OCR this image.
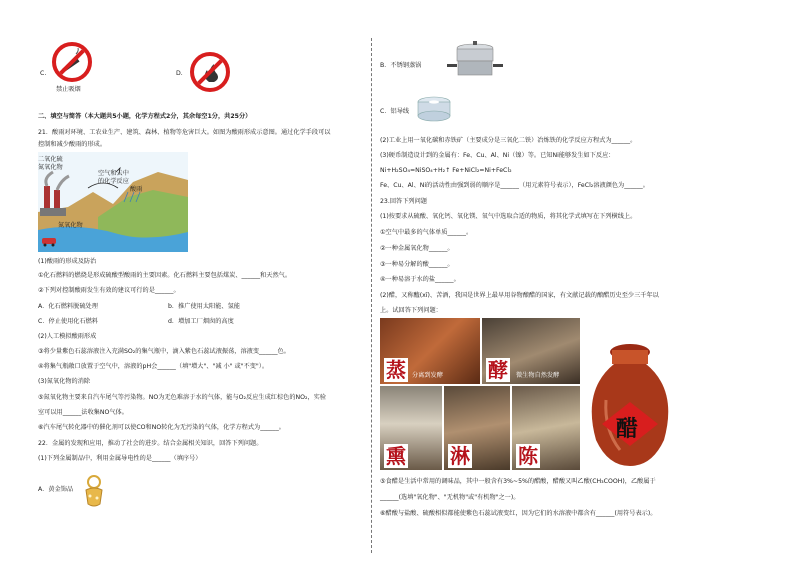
C.
禁止吸烟
D.
二、填空与简答（本大题共5小题，化学方程式2分，其余每空1分，共25分）
21．酸雨对环境、工农业生产、建筑、森林、植物等危害巨大。如图为酸雨形成示意图。通过化学手段可以
控制和减少酸雨的形成。
二氧化硫
氮氧化物
空气和云中
的化学反应
酸雨
氮氧化物
(1)酸雨的形成及防治
①化石燃料的燃烧是形成硫酸型酸雨的主要因素。化石燃料主要包括煤炭、______和天然气。
②下列对控制酸雨发生有效的建议可行的是______。
A．化石燃料脱硫处理	b．推广使用太阳能、氢能
C．停止使用化石燃料	d．增加工厂烟囱的高度
(2)人工模拟酸雨形成
③将少量紫色石蕊溶液注入充满SO₂的集气瓶中，滴入紫色石蕊试液振荡，溶液变______色。
④将集气瓶敞口放置于空气中，溶液的pH会______（填"增大"、"减 小" 或"不变"）。
(3)氮氧化物的消除
⑤氮氧化物主要来自汽车尾气等污染物。NO为无色难溶于水的气体，能与O₂反应生成红棕色的NO₂，实验
室可以用______法收集NO气体。
⑥汽车尾气转化器中的催化剂可以使CO和NO转化为无污染的气体，化学方程式为______。
22．金属的发现和应用，推动了社会的进步。结合金属相关知识，回答下列问题。
(1)下列金属制品中，利用金属导电性的是______（填序号）
A．黄金饰品
B．不锈钢蒸锅
C．铝导线
(2)工业上用一氧化碳和赤铁矿（主要成分是三氧化二铁）冶炼铁的化学反应方程式为______。
(3)硬币制造设计到的金属有：Fe、Cu、Al、Ni（镍）等。已知Ni能够发生如下反应：
Ni+H₂SO₄=NiSO₄+H₂↑ Fe+NiCl₂=Ni+FeCl₂
Fe、Cu、Al、Ni的活动性由强到弱的顺序是______（用元素符号表示），FeCl₂溶液颜色为______。
23.回答下列问题
(1)按要求从硫酸、氧化钙、氧化镁、氧气中选取合适的物质，将其化学式填写在下列横线上。
①空气中最多的气体单质______。
②一种金属氧化物______。
③一种易分解的酸______。
④一种易溶于水的盐______。
(2)醋，又称醯(xī)、苦酒，我国是世界上最早用谷物酿醋的国家，有文献记载的酿醋历史至少三千年以
上。试回答下列问题：
蒸 分离到发酵 酵	微生物自然发酵
熏 淋 陈
醋
⑤食醋是生活中常用的调味品，其中一般含有3%~5%的醋酸，醋酸又叫乙酸(CH₃COOH)，乙酸属于
______(选填"氧化物"、"无机物"或"有机物"之一)。
⑥醋酸与盐酸、硫酸相似都能使紫色石蕊试液变红，因为它们的水溶液中都含有______(用符号表示)。
